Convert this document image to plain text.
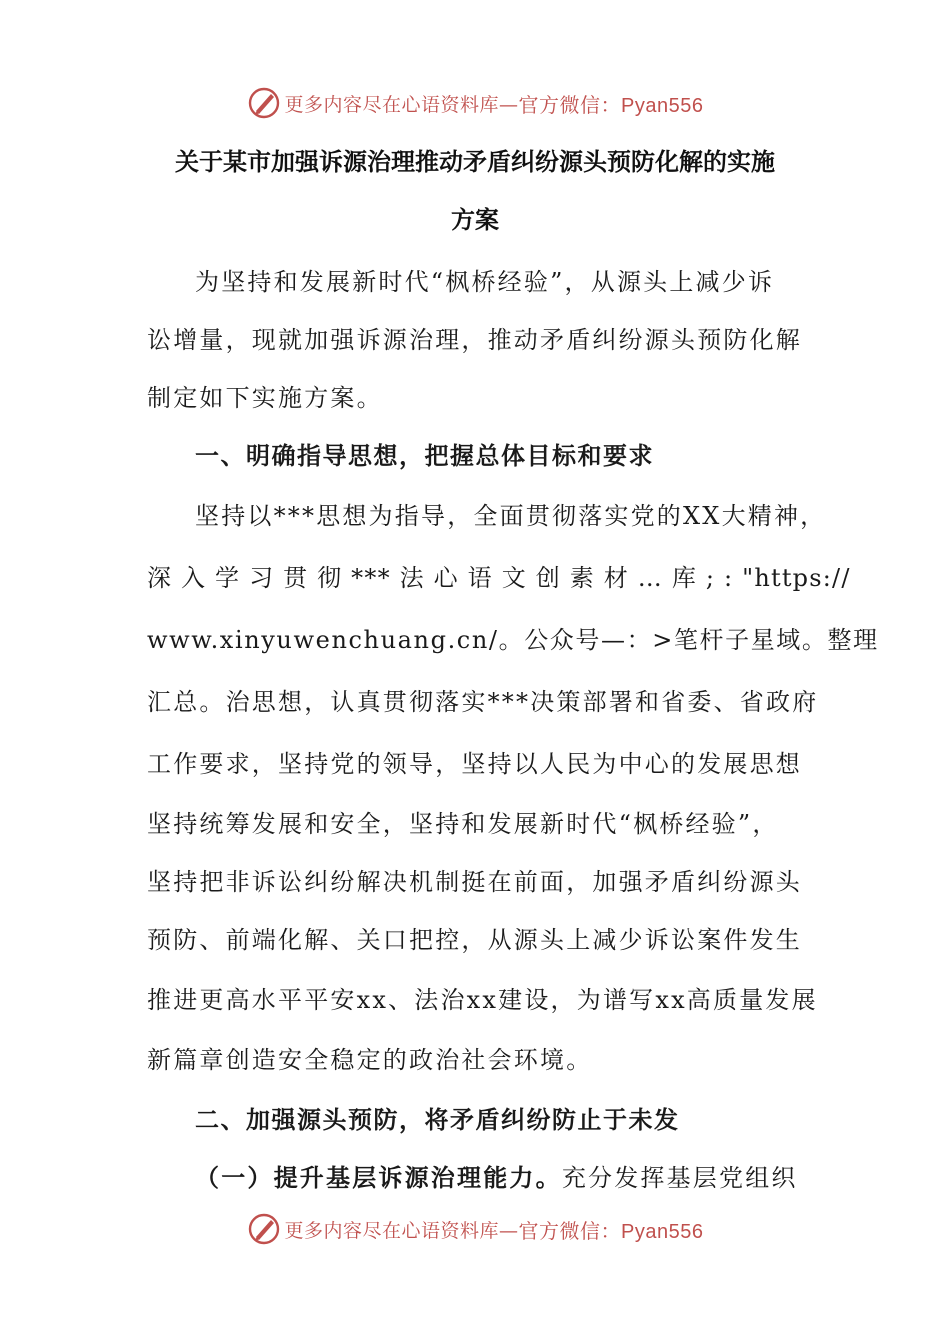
更多内容尽在心语资料库— 官方微信：Pyan556
关于某市加强诉源治理推动矛盾纠纷源头预防化解的实施
方案
为坚持和发展新时代“枫桥经验”，从源头上减少诉
讼增量，现就加强诉源治理，推动矛盾纠纷源头预防化解
制定如下实施方案。
一、明确指导思想，把握总体目标和要求
坚持以***思想为指导，全面贯彻落实党的XX大精神，
深 入 学 习 贯 彻 *** 法 心 语 文 创 素 材 … 库 ; : "https://
www.xinyuwenchuang.cn/。公众号—：>笔杆子星域。整理
汇总。治思想，认真贯彻落实***决策部署和省委、省政府
工作要求，坚持党的领导，坚持以人民为中心的发展思想
坚持统筹发展和安全，坚持和发展新时代“枫桥经验”，
坚持把非诉讼纠纷解决机制挺在前面，加强矛盾纠纷源头
预防、前端化解、关口把控，从源头上减少诉讼案件发生
推进更高水平平安xx、法治xx建设，为谱写xx高质量发展
新篇章创造安全稳定的政治社会环境。
二、加强源头预防，将矛盾纠纷防止于未发
（一）提升基层诉源治理能力。充分发挥基层党组织
更多内容尽在心语资料库— 官方微信：Pyan556
